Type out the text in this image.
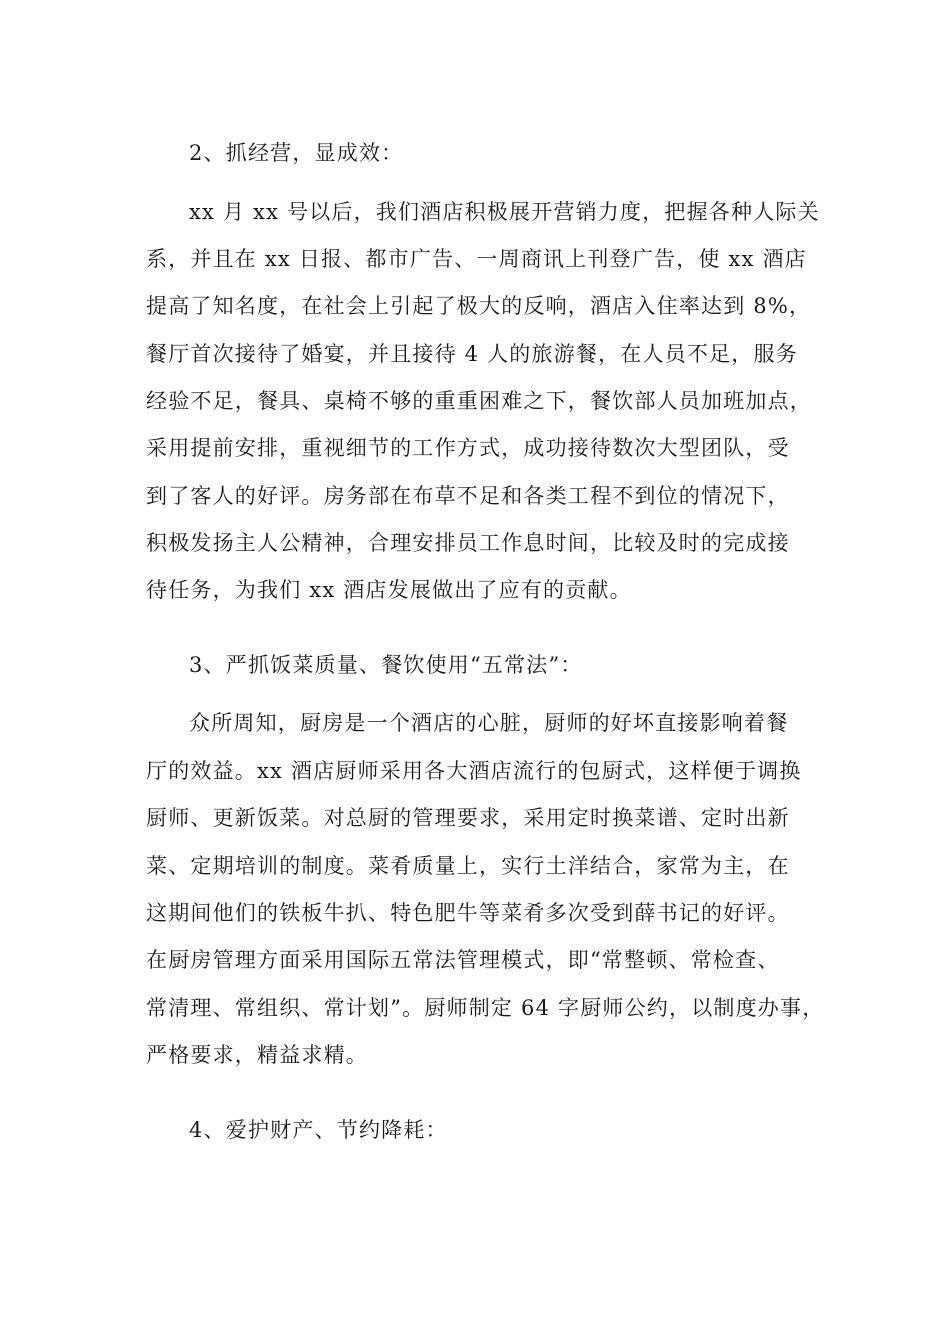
2、抓经营，显成效：
xx 月 xx 号以后，我们酒店积极展开营销力度，把握各种人际关
系，并且在 xx 日报、都市广告、一周商讯上刊登广告，使 xx 酒店
提高了知名度，在社会上引起了极大的反响，酒店入住率达到 8%，
餐厅首次接待了婚宴，并且接待 4 人的旅游餐，在人员不足，服务
经验不足，餐具、桌椅不够的重重困难之下，餐饮部人员加班加点，
采用提前安排，重视细节的工作方式，成功接待数次大型团队，受
到了客人的好评。房务部在布草不足和各类工程不到位的情况下，
积极发扬主人公精神，合理安排员工作息时间，比较及时的完成接
待任务，为我们 xx 酒店发展做出了应有的贡献。
3、严抓饭菜质量、餐饮使用“五常法”：
众所周知，厨房是一个酒店的心脏，厨师的好坏直接影响着餐
厅的效益。xx 酒店厨师采用各大酒店流行的包厨式，这样便于调换
厨师、更新饭菜。对总厨的管理要求，采用定时换菜谱、定时出新
菜、定期培训的制度。菜肴质量上，实行土洋结合，家常为主，在
这期间他们的铁板牛扒、特色肥牛等菜肴多次受到薛书记的好评。
在厨房管理方面采用国际五常法管理模式，即“常整顿、常检查、
常清理、常组织、常计划”。厨师制定 64 字厨师公约，以制度办事，
严格要求，精益求精。
4、爱护财产、节约降耗：
